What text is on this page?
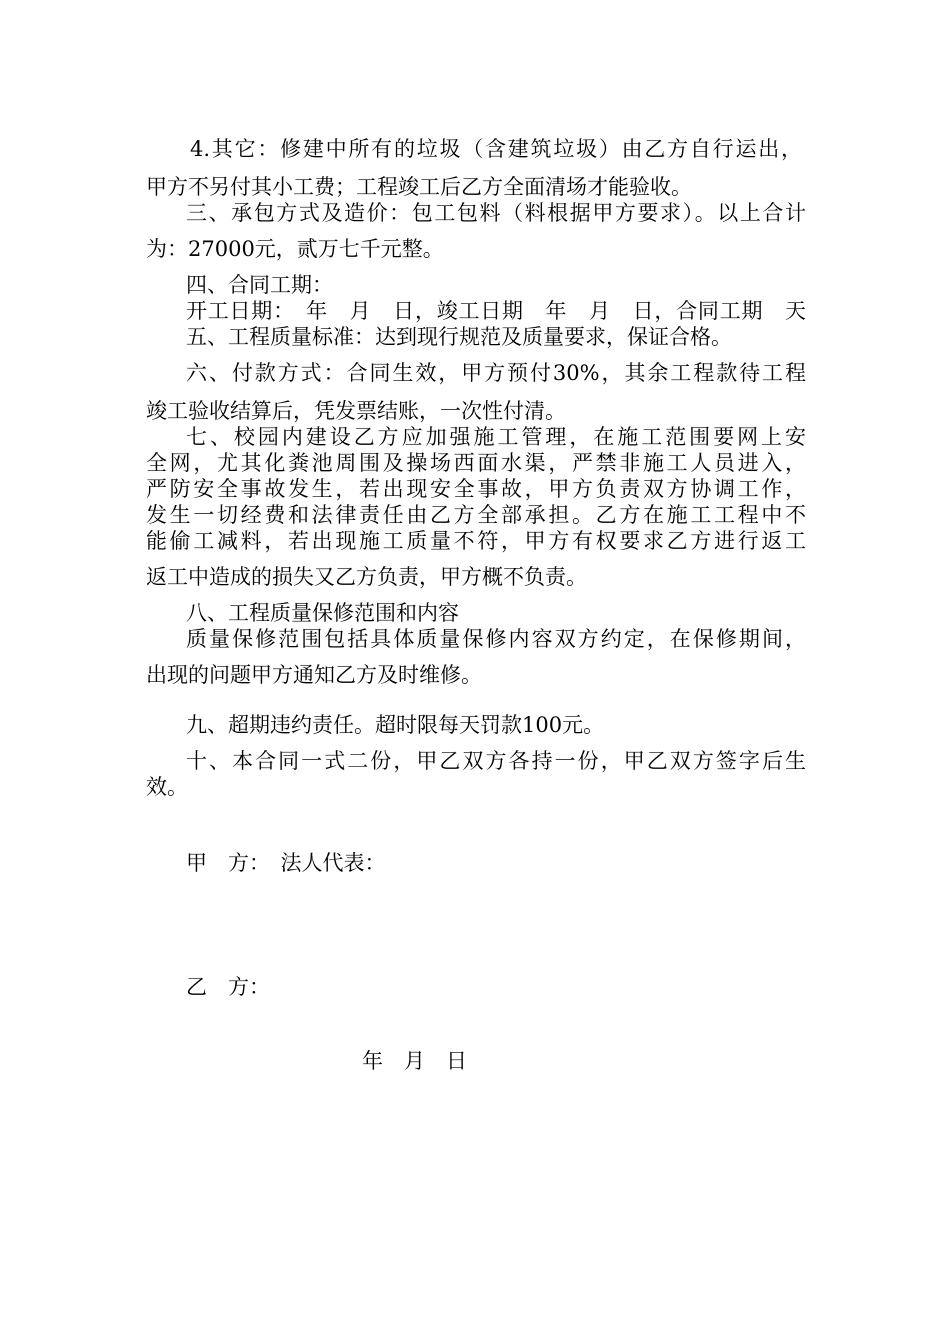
4.其它：修建中所有的垃圾（含建筑垃圾）由乙方自行运出，
甲方不另付其小工费；工程竣工后乙方全面清场才能验收。
三、承包方式及造价：包工包料（料根据甲方要求）。以上合计
为：27000元，贰万七千元整。
四、合同工期：
开工日期：　年　月　日，竣工日期　年　月　日，合同工期　天
五、工程质量标准：达到现行规范及质量要求，保证合格。
六、付款方式：合同生效，甲方预付30%，其余工程款待工程
竣工验收结算后，凭发票结账，一次性付清。
七、校园内建设乙方应加强施工管理，在施工范围要网上安
全网，尤其化粪池周围及操场西面水渠，严禁非施工人员进入，
严防安全事故发生，若出现安全事故，甲方负责双方协调工作，
发生一切经费和法律责任由乙方全部承担。乙方在施工工程中不
能偷工减料，若出现施工质量不符，甲方有权要求乙方进行返工
返工中造成的损失又乙方负责，甲方概不负责。
八、工程质量保修范围和内容
质量保修范围包括具体质量保修内容双方约定，在保修期间，
出现的问题甲方通知乙方及时维修。
九、超期违约责任。超时限每天罚款100元。
十、本合同一式二份，甲乙双方各持一份，甲乙双方签字后生
效。
甲　方：　法人代表：
乙　方：
年　月　日
